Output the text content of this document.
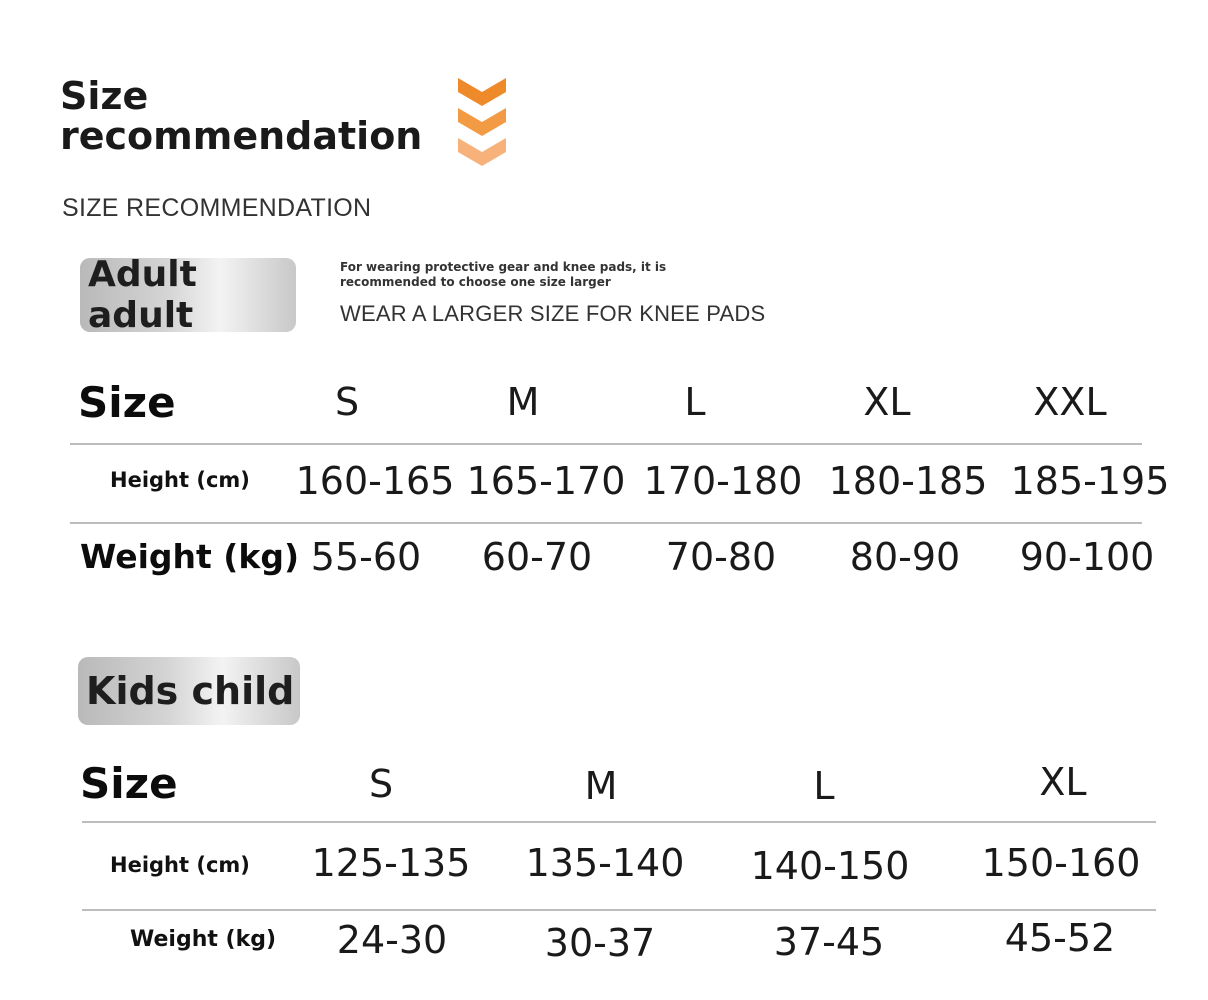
Size
recommendation
SIZE RECOMMENDATION
Adult adult
For wearing protective gear and knee pads, it is
recommended to choose one size larger
WEAR A LARGER SIZE FOR KNEE PADS
Size	S	M	L	XL	XXL
Height (cm) 160-165 165-170 170-180 180-185 185-195
Weight (kg) 55-60 60-70 70-80 80-90 90-100
Kids child
Size	S	M	L	XL
Height (cm) 125-135 135-140 140-150 150-160
Weight (kg) 24-30	30-37	37-45	45-52
